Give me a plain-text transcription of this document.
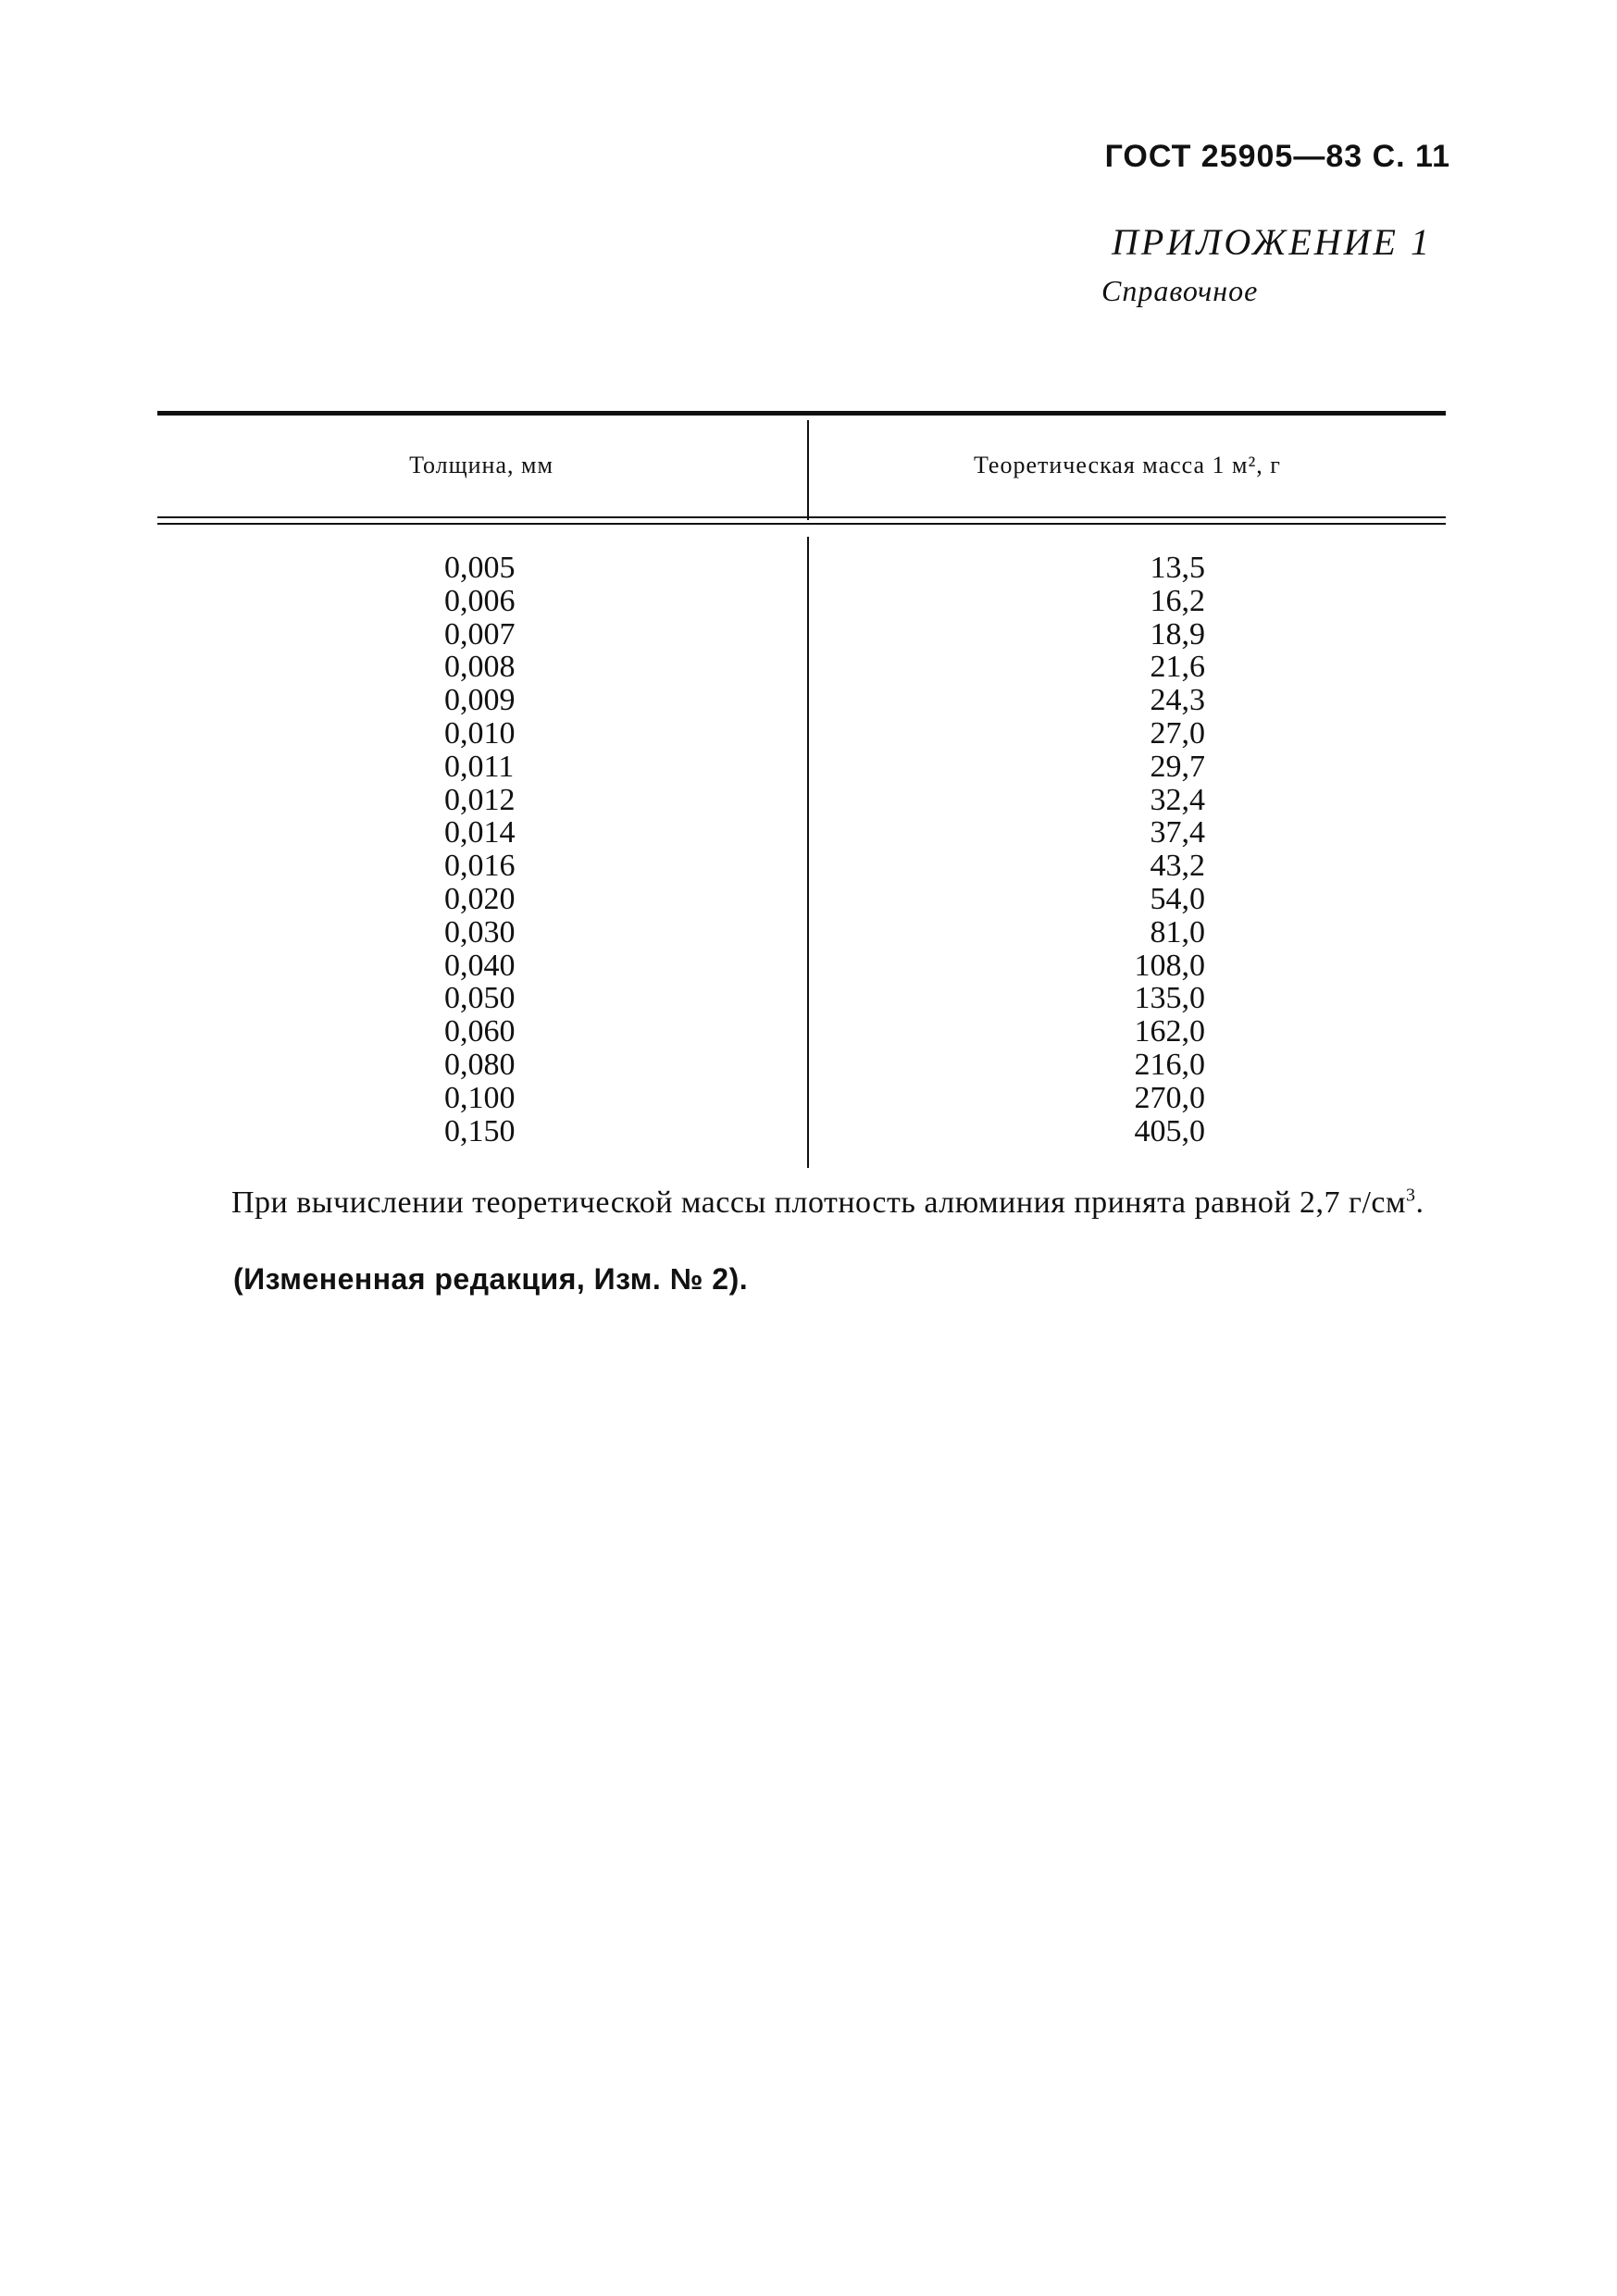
ГОСТ 25905—83 С. 11
ПРИЛОЖЕНИЕ 1
Справочное
Толщина, мм	Теоретическая масса 1 м², г
0,005
0,006
0,007
0,008
0,009
0,010
0,011
0,012
0,014
0,016
0,020
0,030
0,040
0,050
0,060
0,080
0,100
0,150
13,5
16,2
18,9
21,6
24,3
27,0
29,7
32,4
37,4
43,2
54,0
81,0
108,0
135,0
162,0
216,0
270,0
405,0
При вычислении теоретической массы плотность алюминия принята равной 2,7 $г/см^3$.
(Измененная редакция, Изм. № 2).
